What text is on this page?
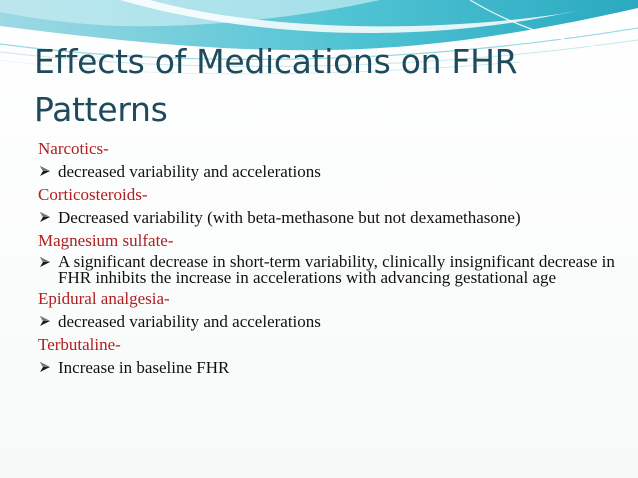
Effects of Medications on FHR Patterns
Narcotics-
decreased variability and accelerations
Corticosteroids-
Decreased variability (with beta-methasone but not dexamethasone)
Magnesium sulfate-
A significant decrease in short-term variability, clinically insignificant decrease in FHR inhibits the increase in accelerations with advancing gestational age
Epidural analgesia-
decreased variability and accelerations
Terbutaline-
Increase in baseline FHR
